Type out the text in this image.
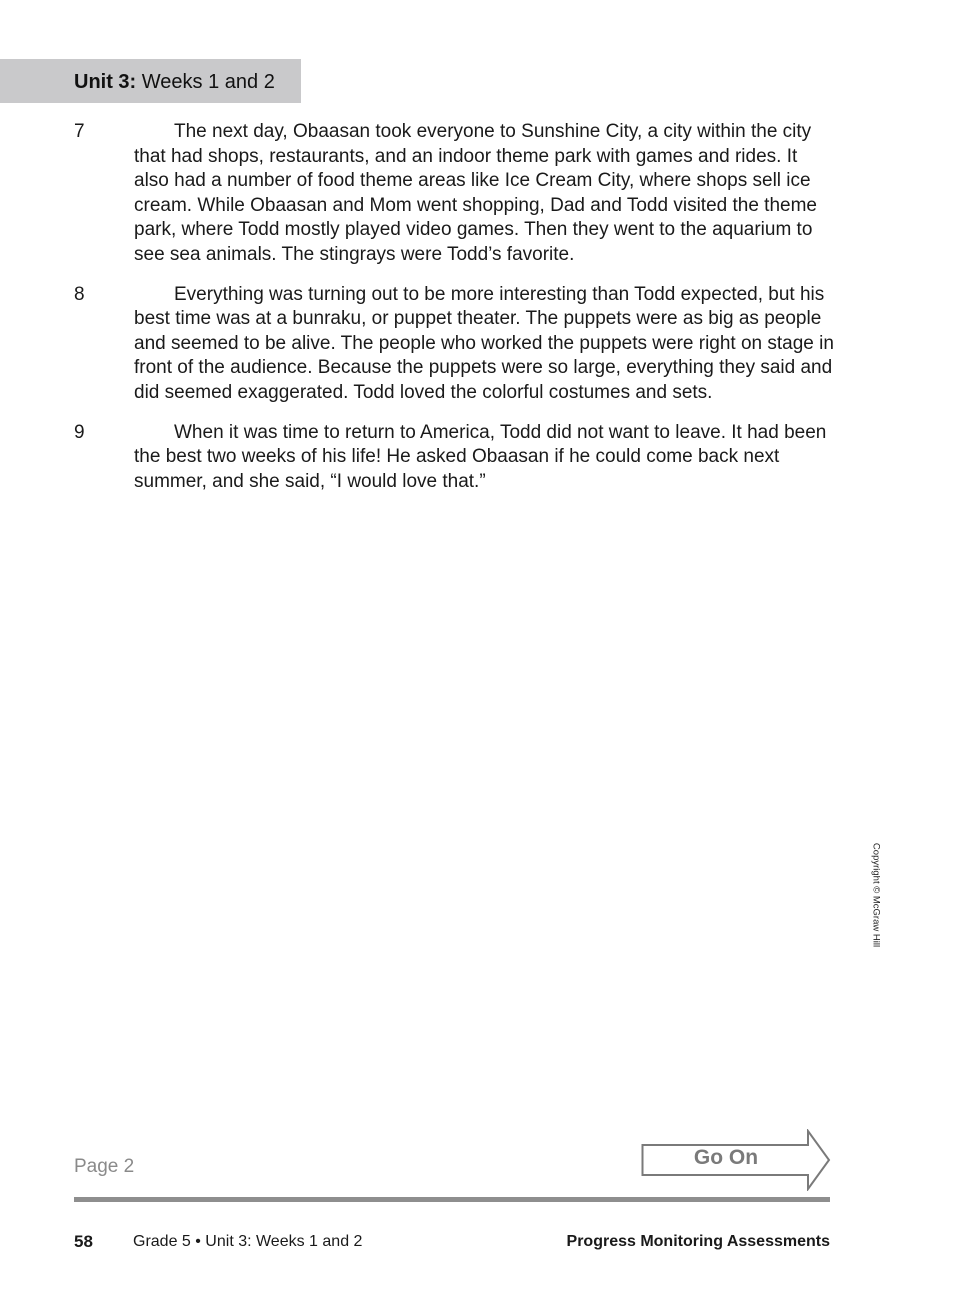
Unit 3: Weeks 1 and 2
7	The next day, Obaasan took everyone to Sunshine City, a city within the city that had shops, restaurants, and an indoor theme park with games and rides. It also had a number of food theme areas like Ice Cream City, where shops sell ice cream. While Obaasan and Mom went shopping, Dad and Todd visited the theme park, where Todd mostly played video games. Then they went to the aquarium to see sea animals. The stingrays were Todd’s favorite.
8	Everything was turning out to be more interesting than Todd expected, but his best time was at a bunraku, or puppet theater. The puppets were as big as people and seemed to be alive. The people who worked the puppets were right on stage in front of the audience. Because the puppets were so large, everything they said and did seemed exaggerated. Todd loved the colorful costumes and sets.
9	When it was time to return to America, Todd did not want to leave. It had been the best two weeks of his life! He asked Obaasan if he could come back next summer, and she said, “I would love that.”
Copyright © McGraw Hill
Page 2	Go On
58	Grade 5 • Unit 3: Weeks 1 and 2	Progress Monitoring Assessments
